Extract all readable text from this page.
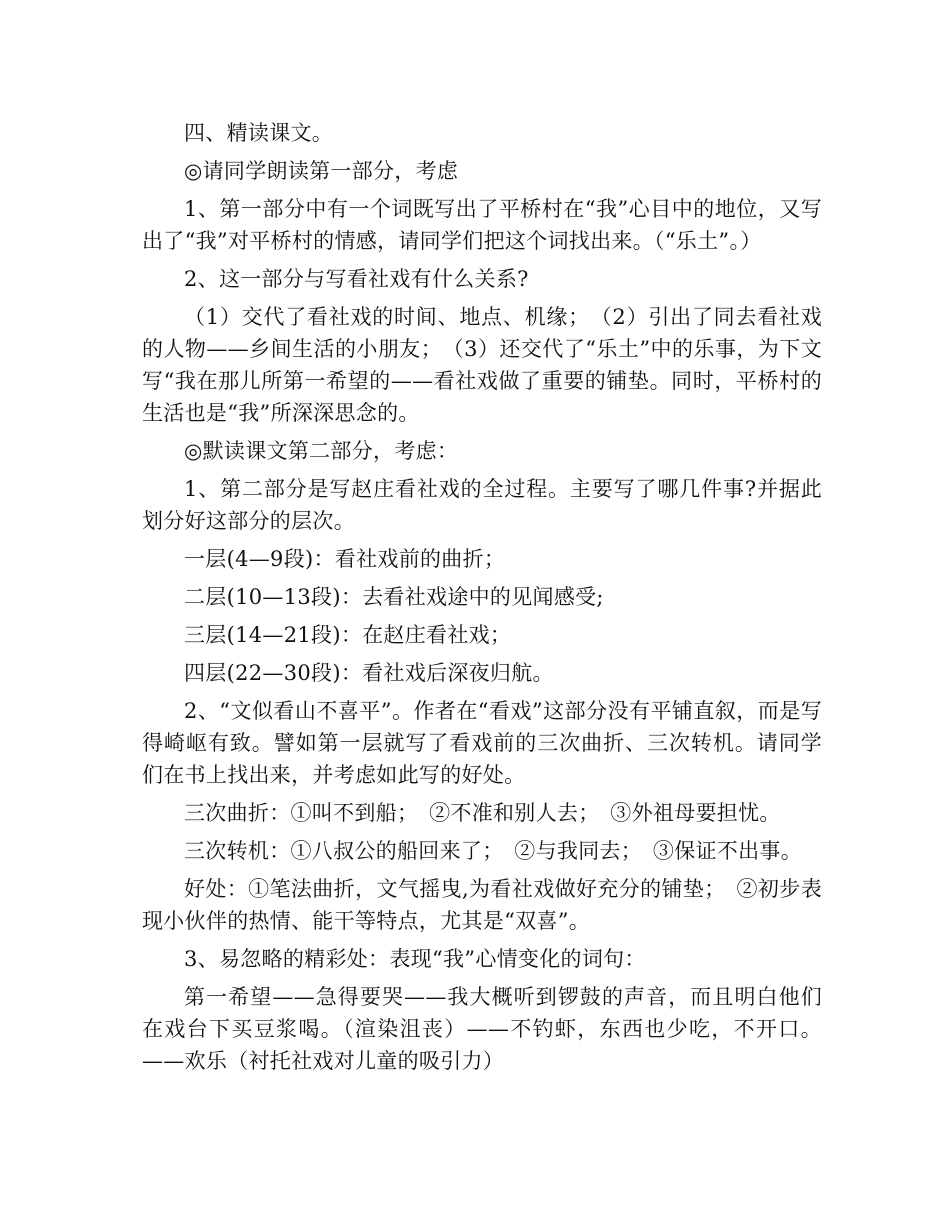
四、精读课文。

◎请同学朗读第一部分，考虑

1、第一部分中有一个词既写出了平桥村在“我”心目中的地位，又写出了“我”对平桥村的情感，请同学们把这个词找出来。（“乐土”。）

2、这一部分与写看社戏有什么关系?

（1）交代了看社戏的时间、地点、机缘；　（2）引出了同去看社戏的人物——乡间生活的小朋友；　（3）还交代了“乐土”中的乐事，为下文写“我在那儿所第一希望的——看社戏做了重要的铺垫。同时，平桥村的生活也是“我”所深深思念的。

◎默读课文第二部分，考虑：

1、第二部分是写赵庄看社戏的全过程。主要写了哪几件事?并据此划分好这部分的层次。

一层(4—9段)：看社戏前的曲折；

二层(10—13段)：去看社戏途中的见闻感受;

三层(14—21段)：在赵庄看社戏；

四层(22—30段)：看社戏后深夜归航。

2、“文似看山不喜平”。作者在“看戏”这部分没有平铺直叙，而是写得崎岖有致。譬如第一层就写了看戏前的三次曲折、三次转机。请同学们在书上找出来，并考虑如此写的好处。

三次曲折：①叫不到船；　②不准和别人去；　③外祖母要担忧。

三次转机：①八叔公的船回来了；　②与我同去；　③保证不出事。

好处：①笔法曲折，文气摇曳,为看社戏做好充分的铺垫；　②初步表现小伙伴的热情、能干等特点，尤其是“双喜”。

3、易忽略的精彩处：表现“我”心情变化的词句：

第一希望——急得要哭——我大概听到锣鼓的声音，而且明白他们在戏台下买豆浆喝。（渲染沮丧）——不钓虾，东西也少吃，不开口。——欢乐（衬托社戏对儿童的吸引力）
